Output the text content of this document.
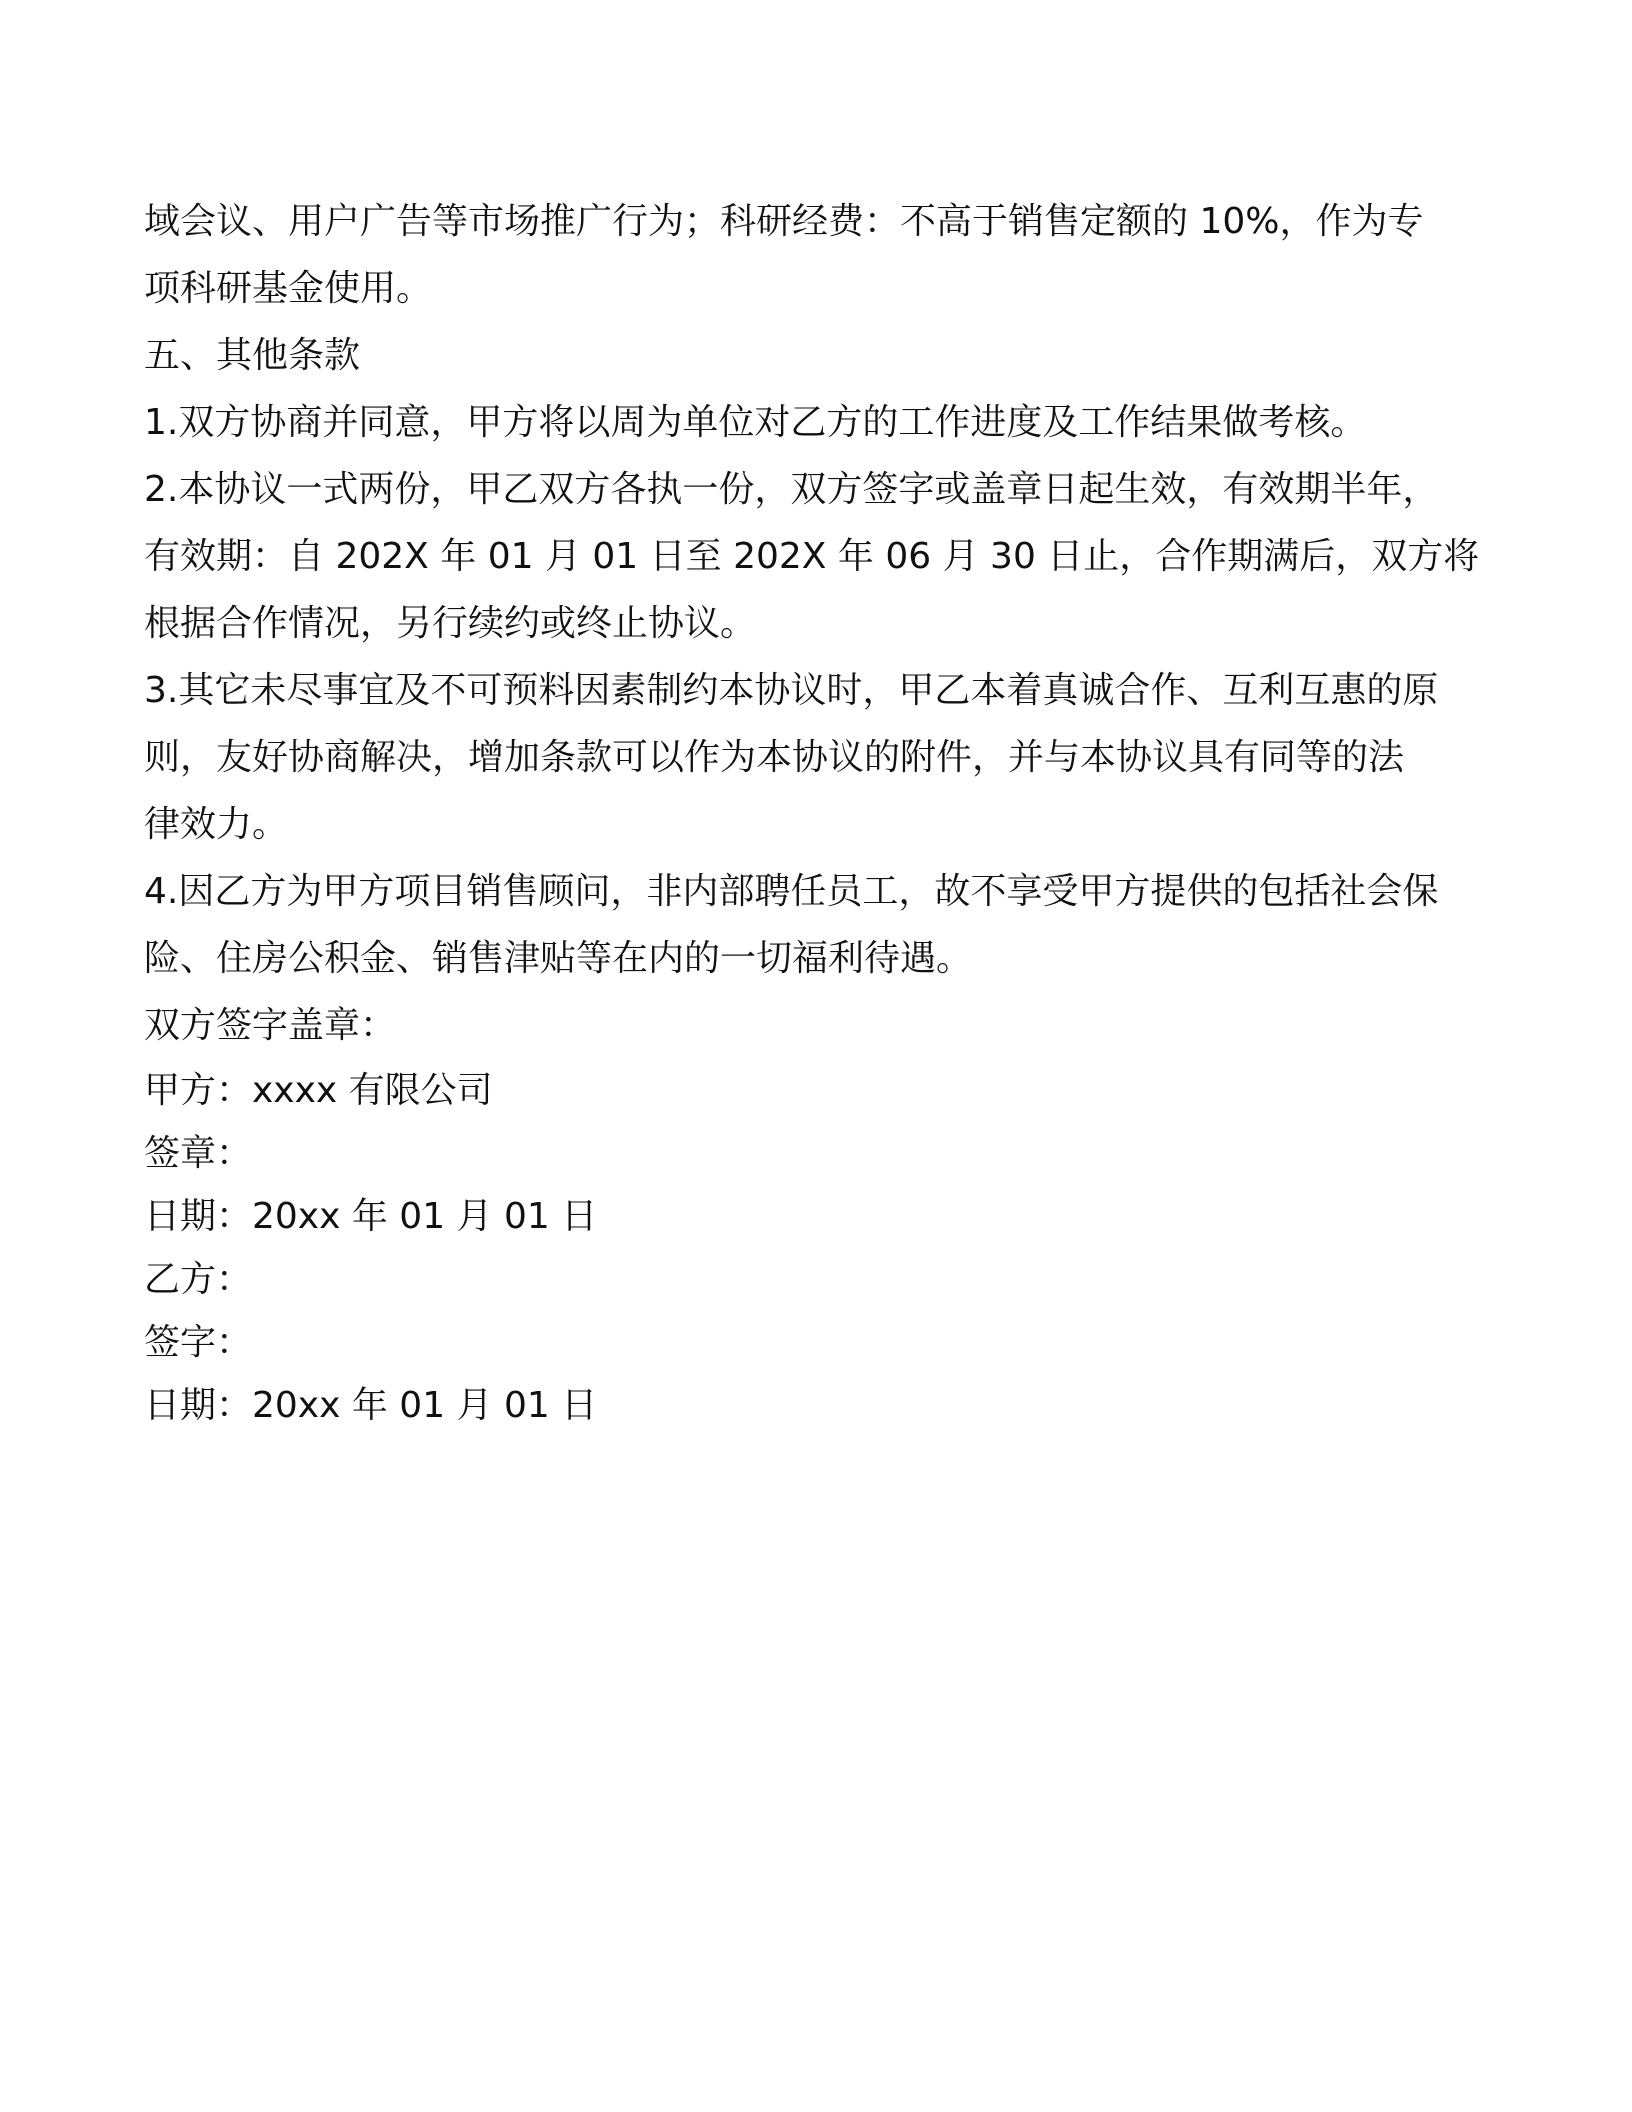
域会议、用户广告等市场推广行为；科研经费：不高于销售定额的 10%，作为专
项科研基金使用。
五、其他条款
1.双方协商并同意，甲方将以周为单位对乙方的工作进度及工作结果做考核。
2.本协议一式两份，甲乙双方各执一份，双方签字或盖章日起生效，有效期半年，
有效期：自 202X 年 01 月 01 日至 202X 年 06 月 30 日止，合作期满后，双方将
根据合作情况，另行续约或终止协议。
3.其它未尽事宜及不可预料因素制约本协议时，甲乙本着真诚合作、互利互惠的原
则，友好协商解决，增加条款可以作为本协议的附件，并与本协议具有同等的法
律效力。
4.因乙方为甲方项目销售顾问，非内部聘任员工，故不享受甲方提供的包括社会保
险、住房公积金、销售津贴等在内的一切福利待遇。
双方签字盖章：
甲方：xxxx 有限公司
签章：
日期：20xx 年 01 月 01 日
乙方：
签字：
日期：20xx 年 01 月 01 日
